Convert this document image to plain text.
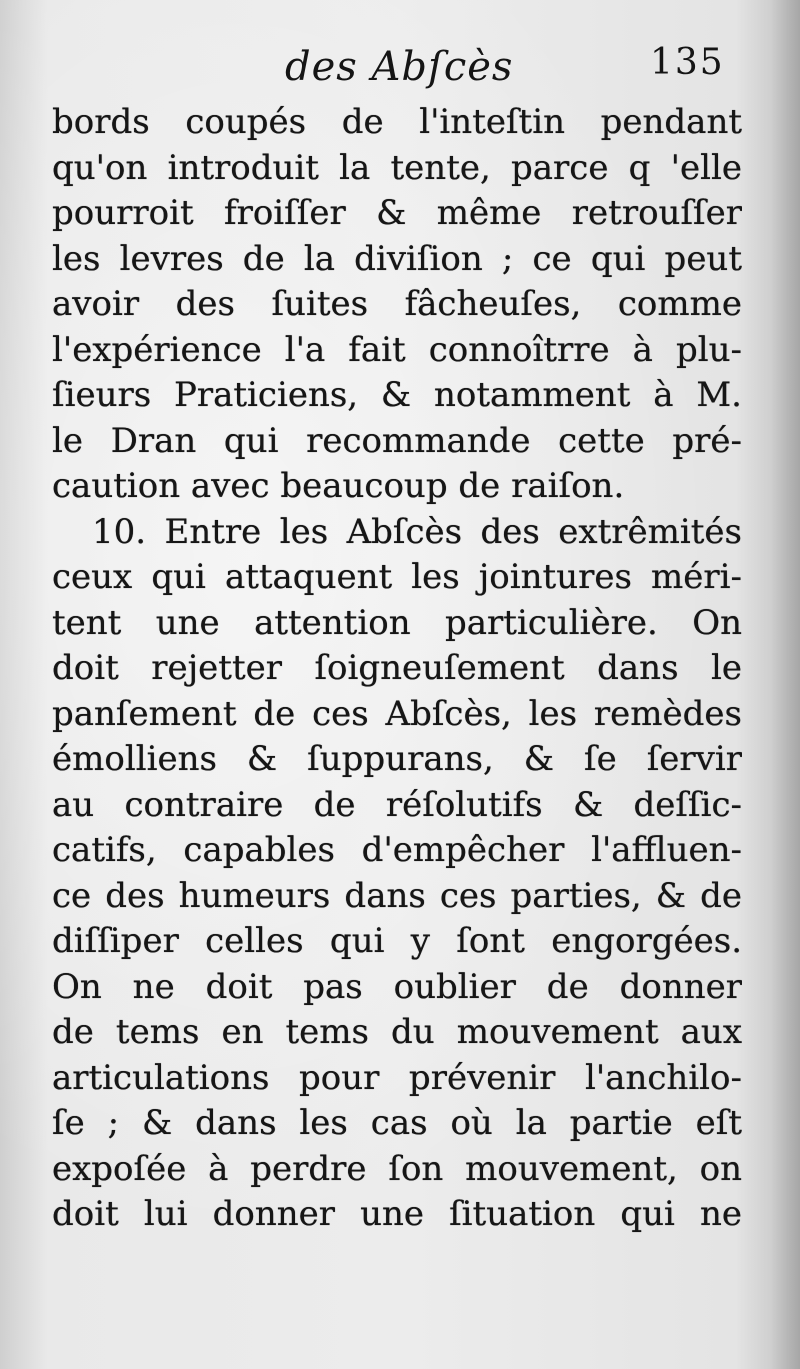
des Abſcès	135
bords coupés de l'inteſtin pendant
qu'on introduit la tente, parce q 'elle
pourroit froiſſer & même retrouſſer
les levres de la diviſion ; ce qui peut
avoir des ſuites fâcheuſes, comme
l'expérience l'a fait connoîtrre à plu-
ſieurs Praticiens, & notamment à M.
le Dran qui recommande cette pré-
caution avec beaucoup de raiſon.
10. Entre les Abſcès des extrêmités
ceux qui attaquent les jointures méri-
tent une attention particulière. On
doit rejetter ſoigneuſement dans le
panſement de ces Abſcès, les remèdes
émolliens & ſuppurans, & ſe ſervir
au contraire de réſolutifs & deſſic-
catifs, capables d'empêcher l'affluen-
ce des humeurs dans ces parties, & de
diſſiper celles qui y ſont engorgées.
On ne doit pas oublier de donner
de tems en tems du mouvement aux
articulations pour prévenir l'anchilo-
ſe ; & dans les cas où la partie eſt
expoſée à perdre ſon mouvement, on
doit lui donner une ſituation qui ne
